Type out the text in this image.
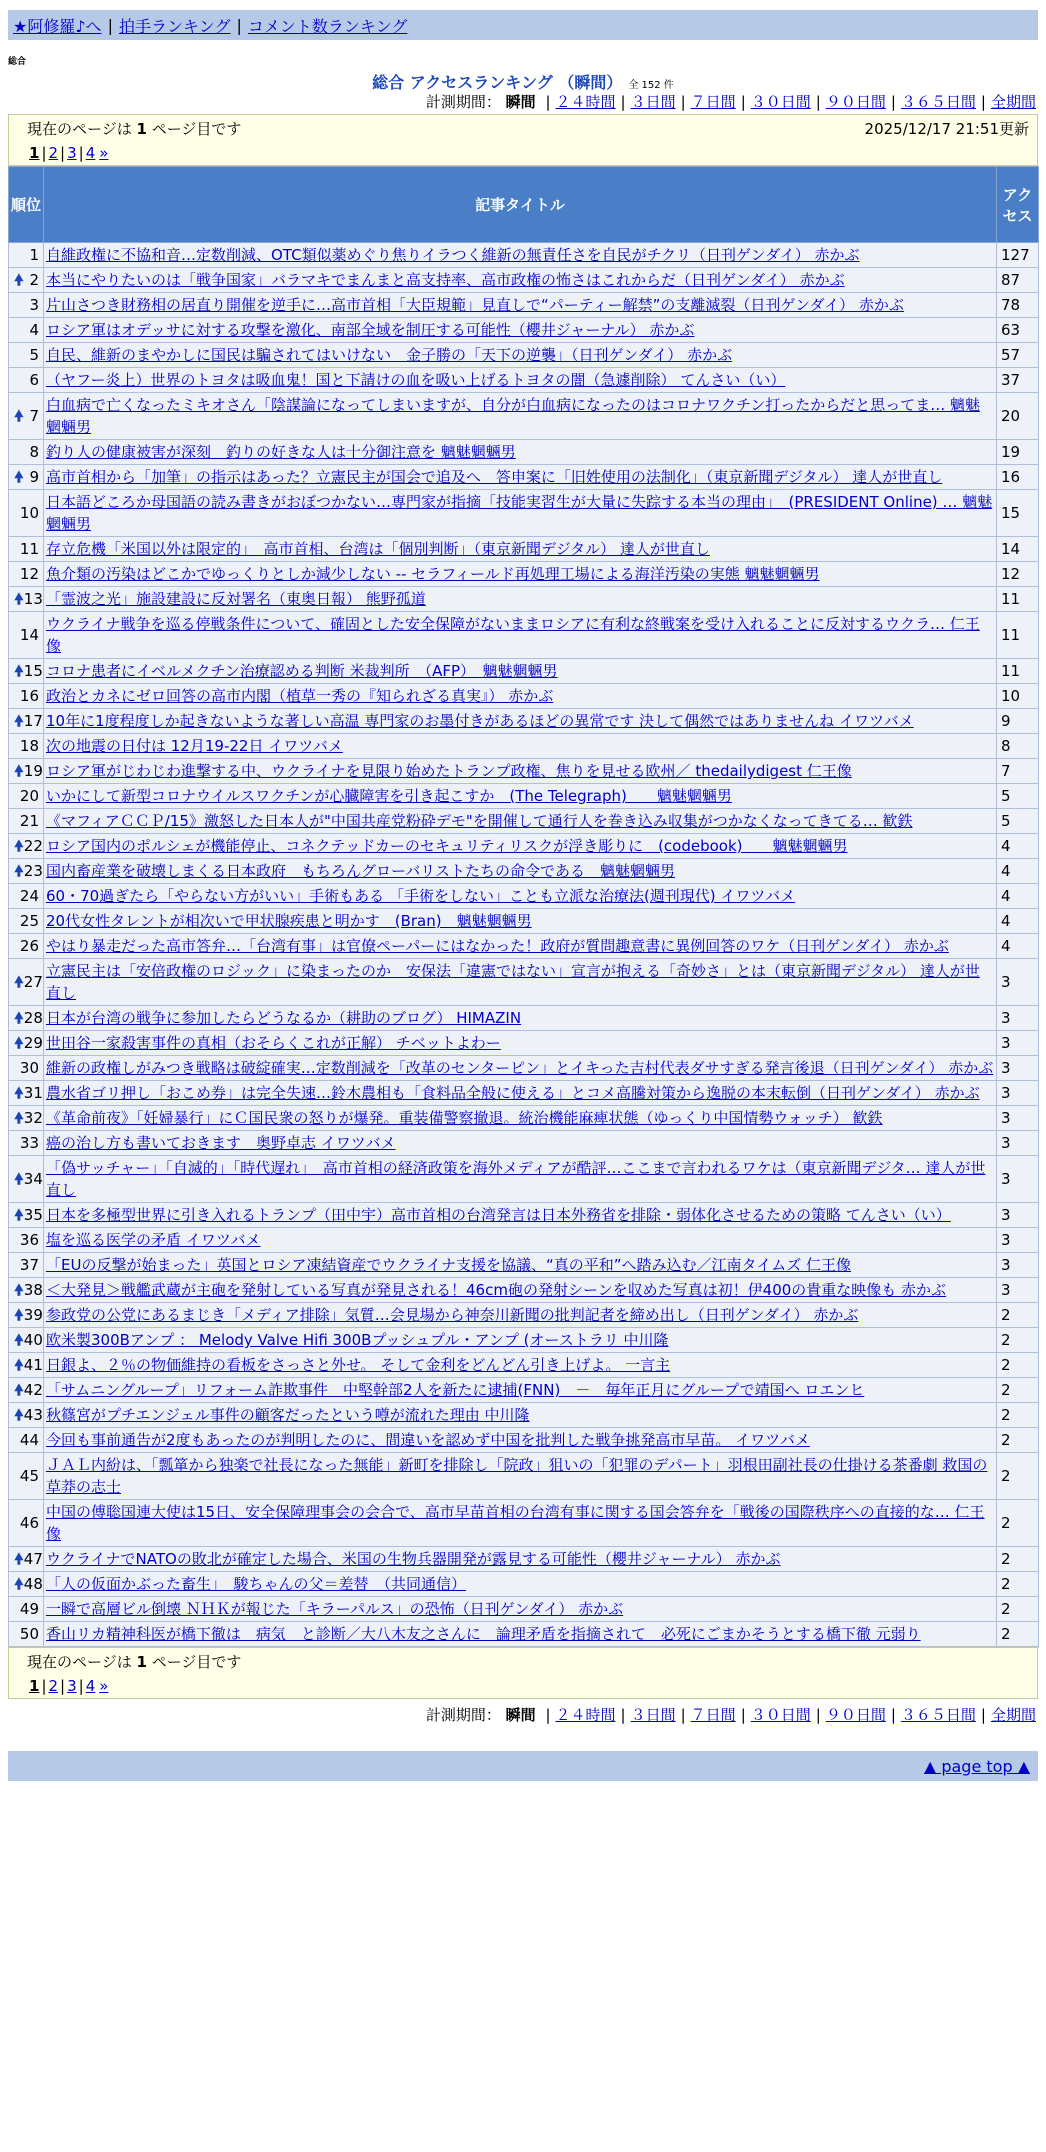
★阿修羅♪へ | 拍手ランキング | コメント数ランキング
総合
総合 アクセスランキング （瞬間） 全 152 件
計測期間： 瞬間 | ２４時間 | ３日間 | ７日間 | ３０日間 | ９０日間 | ３６５日間 | 全期間
現在のページは 1 ページ目です	2025/12/17 21:51更新
1 | 2 | 3 | 4 »
順位	記事タイトル	アクセス
1	自維政権に不協和音…定数削減、OTC類似薬めぐり焦りイラつく維新の無責任さを自民がチクリ（日刊ゲンダイ） 赤かぶ	127

🠝 2	本当にやりたいのは「戦争国家」バラマキでまんまと高支持率、高市政権の怖さはこれからだ（日刊ゲンダイ） 赤かぶ	87
3	片山さつき財務相の居直り開催を逆手に…高市首相「大臣規範」見直しで“パーティー解禁”の支離滅裂（日刊ゲンダイ） 赤かぶ	78
4	ロシア軍はオデッサに対する攻撃を激化、南部全域を制圧する可能性（櫻井ジャーナル） 赤かぶ	63
5	自民、維新のまやかしに国民は騙されてはいけない　金子勝の「天下の逆襲」（日刊ゲンダイ） 赤かぶ	57
6	（ヤフー炎上）世界のトヨタは吸血鬼！国と下請けの血を吸い上げるトヨタの闇（急遽削除） てんさい（い）	37

🠝 7	白血病で亡くなったミキオさん「陰謀論になってしまいますが、自分が白血病になったのはコロナワクチン打ったからだと思ってま… 魑魅魍魎男	20
8	釣り人の健康被害が深刻　釣りの好きな人は十分御注意を 魑魅魍魎男	19

🠝 9	高市首相から「加筆」の指示はあった？立憲民主が国会で追及へ　答申案に「旧姓使用の法制化」（東京新聞デジタル） 達人が世直し	16
10	日本語どころか母国語の読み書きがおぼつかない…専門家が指摘「技能実習生が大量に失踪する本当の理由」　(PRESIDENT Online) … 魑魅魍魎男	15
11	存立危機「米国以外は限定的」　高市首相、台湾は「個別判断」（東京新聞デジタル） 達人が世直し	14
12	魚介類の汚染はどこかでゆっくりとしか減少しない -- セラフィールド再処理工場による海洋汚染の実態 魑魅魍魎男	12

🠝 13	「霊波之光」施設建設に反対署名（東奥日報） 熊野孤道	11
14	ウクライナ戦争を巡る停戦条件について、確固とした安全保障がないままロシアに有利な終戦案を受け入れることに反対するウクラ… 仁王像	11

🠝 15	コロナ患者にイベルメクチン治療認める判断 米裁判所　（AFP）　魑魅魍魎男	11
16	政治とカネにゼロ回答の高市内閣（植草一秀の『知られざる真実』） 赤かぶ	10

🠝 17	10年に1度程度しか起きないような著しい高温 専門家のお墨付きがあるほどの異常です 決して偶然ではありませんね イワツバメ	9
18	次の地震の日付は 12月19-22日 イワツバメ	8

🠝 19	ロシア軍がじわじわ進撃する中、ウクライナを見限り始めたトランプ政権、焦りを見せる欧州／ thedailydigest 仁王像	7
20	いかにして新型コロナウイルスワクチンが心臓障害を引き起こすか　(The Telegraph)　　魑魅魍魎男	5
21	《マフィアＣＣＰ/15》激怒した日本人が"中国共産党粉砕デモ"を開催して通行人を巻き込み収集がつかなくなってきてる… 歓鉄	5

🠝 22	ロシア国内のポルシェが機能停止、コネクテッドカーのセキュリティリスクが浮き彫りに　(codebook)　　魑魅魍魎男	4

🠝 23	国内畜産業を破壊しまくる日本政府　もちろんグローバリストたちの命令である　魑魅魍魎男	4
24	60・70過ぎたら「やらない方がいい」手術もある 「手術をしない」ことも立派な治療法(週刊現代) イワツバメ	4
25	20代女性タレントが相次いで甲状腺疾患と明かす　(Bran)　魑魅魍魎男	4
26	やはり暴走だった高市答弁…「台湾有事」は官僚ペーパーにはなかった！政府が質問趣意書に異例回答のワケ（日刊ゲンダイ） 赤かぶ	4

🠝 27	立憲民主は「安倍政権のロジック」に染まったのか　安保法「違憲ではない」宣言が抱える「奇妙さ」とは（東京新聞デジタル） 達人が世直し	3

🠝 28	日本が台湾の戦争に参加したらどうなるか（耕助のブログ） HIMAZIN	3

🠝 29	世田谷一家殺害事件の真相（おそらくこれが正解） チベットよわー	3
30	維新の政権しがみつき戦略は破綻確実…定数削減を「改革のセンターピン」とイキった吉村代表ダサすぎる発言後退（日刊ゲンダイ） 赤かぶ	3

🠝 31	農水省ゴリ押し「おこめ券」は完全失速…鈴木農相も「食料品全般に使える」とコメ高騰対策から逸脱の本末転倒（日刊ゲンダイ） 赤かぶ	3

🠝 32	《革命前夜》「妊婦暴行」にＣ国民衆の怒りが爆発。重装備警察撤退。統治機能麻痺状態（ゆっくり中国情勢ウォッチ） 歓鉄	3
33	癌の治し方も書いておきます　奥野卓志 イワツバメ	3

🠝 34	「偽サッチャー」「自滅的」「時代遅れ」　高市首相の経済政策を海外メディアが酷評…ここまで言われるワケは（東京新聞デジタ… 達人が世直し	3

🠝 35	日本を多極型世界に引き入れるトランプ（田中宇）高市首相の台湾発言は日本外務省を排除・弱体化させるための策略 てんさい（い）	3
36	塩を巡る医学の矛盾 イワツバメ	3
37	「EUの反撃が始まった」英国とロシア凍結資産でウクライナ支援を協議、“真の平和”へ踏み込む／江南タイムズ 仁王像	3

🠝 38	＜大発見＞戦艦武蔵が主砲を発射している写真が発見される！46cm砲の発射シーンを収めた写真は初！伊400の貴重な映像も 赤かぶ	3

🠝 39	参政党の公党にあるまじき「メディア排除」気質…会見場から神奈川新聞の批判記者を締め出し（日刊ゲンダイ） 赤かぶ	2

🠝 40	欧米製300Bアンプ ： Melody Valve Hifi 300Bプッシュプル・アンプ (オーストラリ 中川隆	2

🠝 41	日銀よ、２％の物価維持の看板をさっさと外せ。 そして金利をどんどん引き上げよ。 一言主	2

🠝 42	「サムニングループ」リフォーム詐欺事件　中堅幹部2人を新たに逮捕(FNN)　－　毎年正月にグループで靖国へ ロエンヒ	2

🠝 43	秋篠宮がプチエンジェル事件の顧客だったという噂が流れた理由 中川隆	2
44	今回も事前通告が2度もあったのが判明したのに、間違いを認めず中国を批判した戦争挑発高市早苗。 イワツバメ	2
45	ＪＡＬ内紛は、「瓢箪から独楽で社長になった無能」新町を排除し「院政」狙いの「犯罪のデパート」羽根田副社長の仕掛ける茶番劇 救国の草莽の志士	2
46	中国の傅聡国連大使は15日、安全保障理事会の会合で、高市早苗首相の台湾有事に関する国会答弁を「戦後の国際秩序への直接的な… 仁王像	2

🠝 47	ウクライナでNATOの敗北が確定した場合、米国の生物兵器開発が露見する可能性（櫻井ジャーナル） 赤かぶ	2

🠝 48	「人の仮面かぶった畜生」　駿ちゃんの父＝差替　（共同通信）	2
49	一瞬で高層ビル倒壊 ＮＨＫが報じた「キラーパルス」の恐怖（日刊ゲンダイ） 赤かぶ	2
50	香山リカ精神科医が橋下徹は　病気　と診断／大八木友之さんに　論理矛盾を指摘されて　必死にごまかそうとする橋下徹 元弱り	2
現在のページは 1 ページ目です
1 | 2 | 3 | 4 »
計測期間： 瞬間 | ２４時間 | ３日間 | ７日間 | ３０日間 | ９０日間 | ３６５日間 | 全期間
▲ page top ▲
